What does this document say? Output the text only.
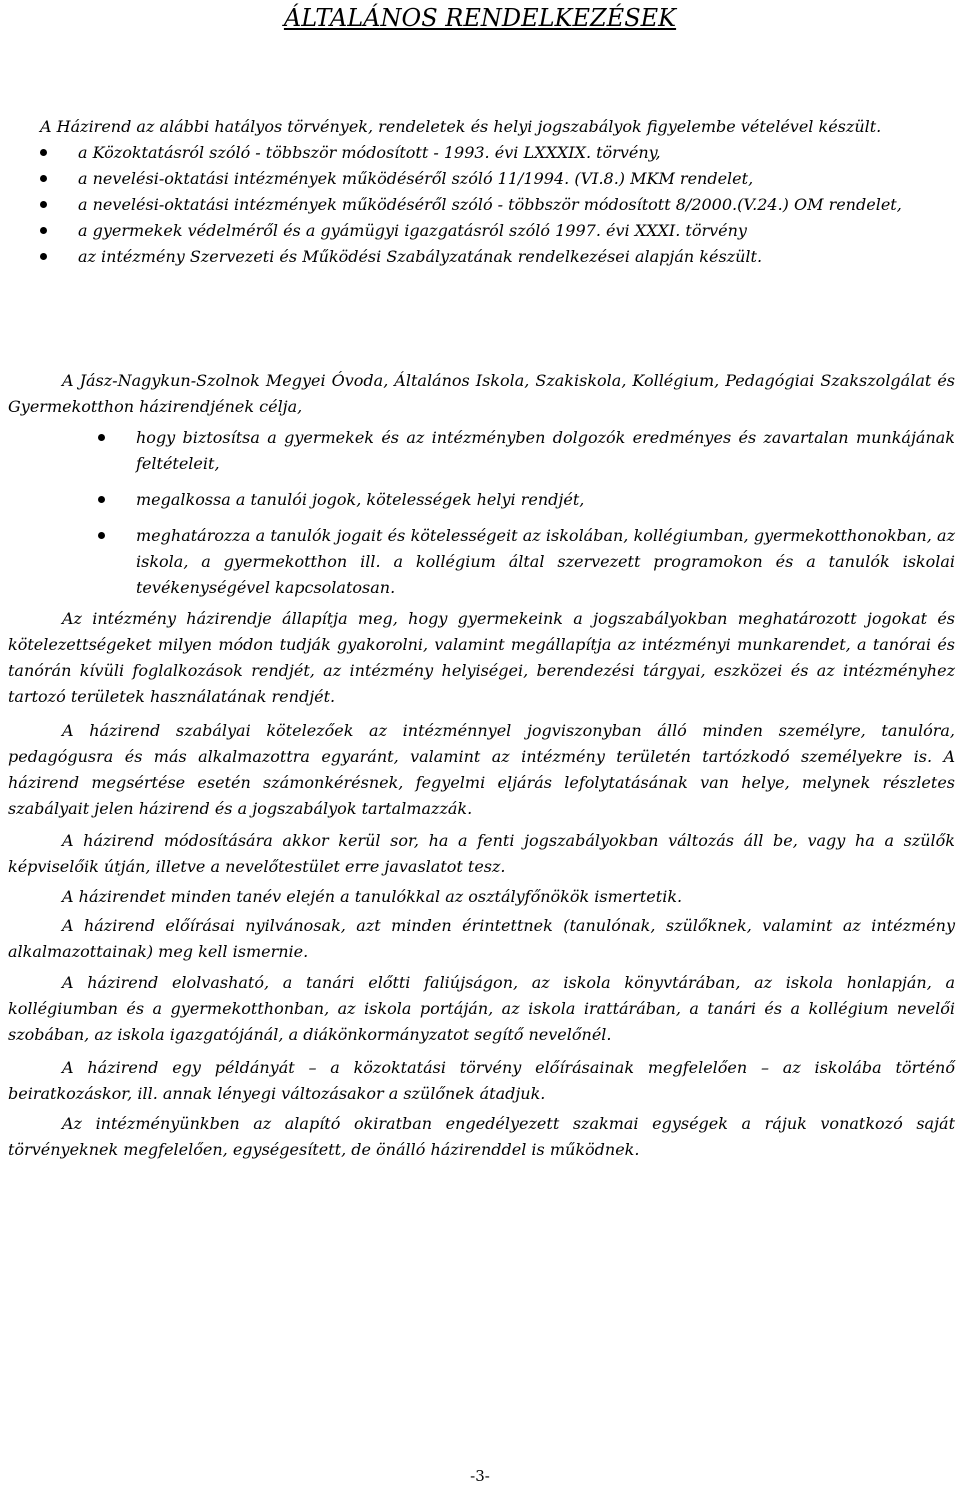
ÁLTALÁNOS RENDELKEZÉSEK

A Házirend az alábbi hatályos törvények, rendeletek és helyi jogszabályok figyelembe vételével készült.

a Közoktatásról szóló - többször módosított - 1993. évi LXXXIX. törvény,
a nevelési-oktatási intézmények működéséről szóló 11/1994. (VI.8.) MKM rendelet,
a nevelési-oktatási intézmények működéséről szóló - többször módosított 8/2000.(V.24.) OM rendelet,
a gyermekek védelméről és a gyámügyi igazgatásról szóló 1997. évi XXXI. törvény
az intézmény Szervezeti és Működési Szabályzatának rendelkezései alapján készült.

A Jász-Nagykun-Szolnok Megyei Óvoda, Általános Iskola, Szakiskola, Kollégium, Pedagógiai Szakszolgálat és Gyermekotthon házirendjének célja,

hogy biztosítsa a gyermekek és az intézményben dolgozók eredményes és zavartalan munkájának feltételeit,
megalkossa a tanulói jogok, kötelességek helyi rendjét,
meghatározza a tanulók jogait és kötelességeit az iskolában, kollégiumban, gyermekotthonokban, az iskola, a gyermekotthon ill. a kollégium által szervezett programokon és a tanulók iskolai tevékenységével kapcsolatosan.

Az intézmény házirendje állapítja meg, hogy gyermekeink a jogszabályokban meghatározott jogokat és kötelezettségeket milyen módon tudják gyakorolni, valamint megállapítja az intézményi munkarendet, a tanórai és tanórán kívüli foglalkozások rendjét, az intézmény helyiségei, berendezési tárgyai, eszközei és az intézményhez tartozó területek használatának rendjét.

A házirend szabályai kötelezőek az intézménnyel jogviszonyban álló minden személyre, tanulóra, pedagógusra és más alkalmazottra egyaránt, valamint az intézmény területén tartózkodó személyekre is. A házirend megsértése esetén számonkérésnek, fegyelmi eljárás lefolytatásának van helye, melynek részletes szabályait jelen házirend és a jogszabályok tartalmazzák.

A házirend módosítására akkor kerül sor, ha a fenti jogszabályokban változás áll be, vagy ha a szülők képviselőik útján, illetve a nevelőtestület erre javaslatot tesz.

A házirendet minden tanév elején a tanulókkal az osztályfőnökök ismertetik.

A házirend előírásai nyilvánosak, azt minden érintettnek (tanulónak, szülőknek, valamint az intézmény alkalmazottainak) meg kell ismernie.

A házirend elolvasható, a tanári előtti faliújságon, az iskola könyvtárában, az iskola honlapján, a kollégiumban és a gyermekotthonban, az iskola portáján, az iskola irattárában, a tanári és a kollégium nevelői szobában, az iskola igazgatójánál, a diákönkormányzatot segítő nevelőnél.

A házirend egy példányát – a közoktatási törvény előírásainak megfelelően – az iskolába történő beiratkozáskor, ill. annak lényegi változásakor a szülőnek átadjuk.

Az intézményünkben az alapító okiratban engedélyezett szakmai egységek a rájuk vonatkozó saját törvényeknek megfelelően, egységesített, de önálló házirenddel is működnek.

-3-
